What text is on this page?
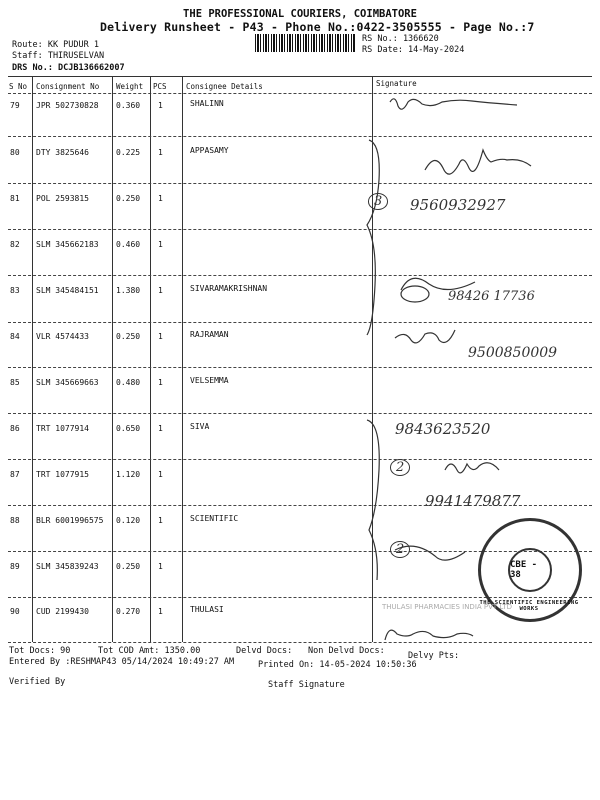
THE PROFESSIONAL COURIERS, COIMBATORE
Delivery Runsheet - P43 - Phone No.:0422-3505555 - Page No.:7
Route: KK PUDUR 1
Staff: THIRUSELVAN
DRS No.: DCJB136662007
RS No.: 1366620
RS Date: 14-May-2024
S No Consignment No Weight PCS	Consignee Details	Signature
79 JPR 502730828 0.360 1	SHALINN
80 DTY 3825646	0.225 1	APPASAMY
81 POL 2593815	0.250 1
82 SLM 345662183 0.460 1
83 SLM 345484151 1.380 1	SIVARAMAKRISHNAN
84 VLR 4574433	0.250 1	RAJRAMAN
85 SLM 345669663 0.480 1	VELSEMMA
86 TRT 1077914	0.650 1	SIVA
87 TRT 1077915	1.120 1
88 BLR 6001996575 0.120 1	SCIENTIFIC
89 SLM 345839243 0.250 1
90 CUD 2199430	0.270 1	THULASI
3	9560932927
98426 17736
9500850009
9843623520
2
9941479877
2
CBE - 38
THE SCIENTIFIC ENGINEERING WORKS
THULASI PHARMACIES INDIA PVT LTD
Tot Docs: 90	Tot COD Amt: 1350.00	Delvd Docs: Non Delvd Docs:	Delvy Pts:
Entered By :RESHMAP43 05/14/2024 10:49:27 AM	Printed On: 14-05-2024 10:50:36
Verified By	Staff Signature
